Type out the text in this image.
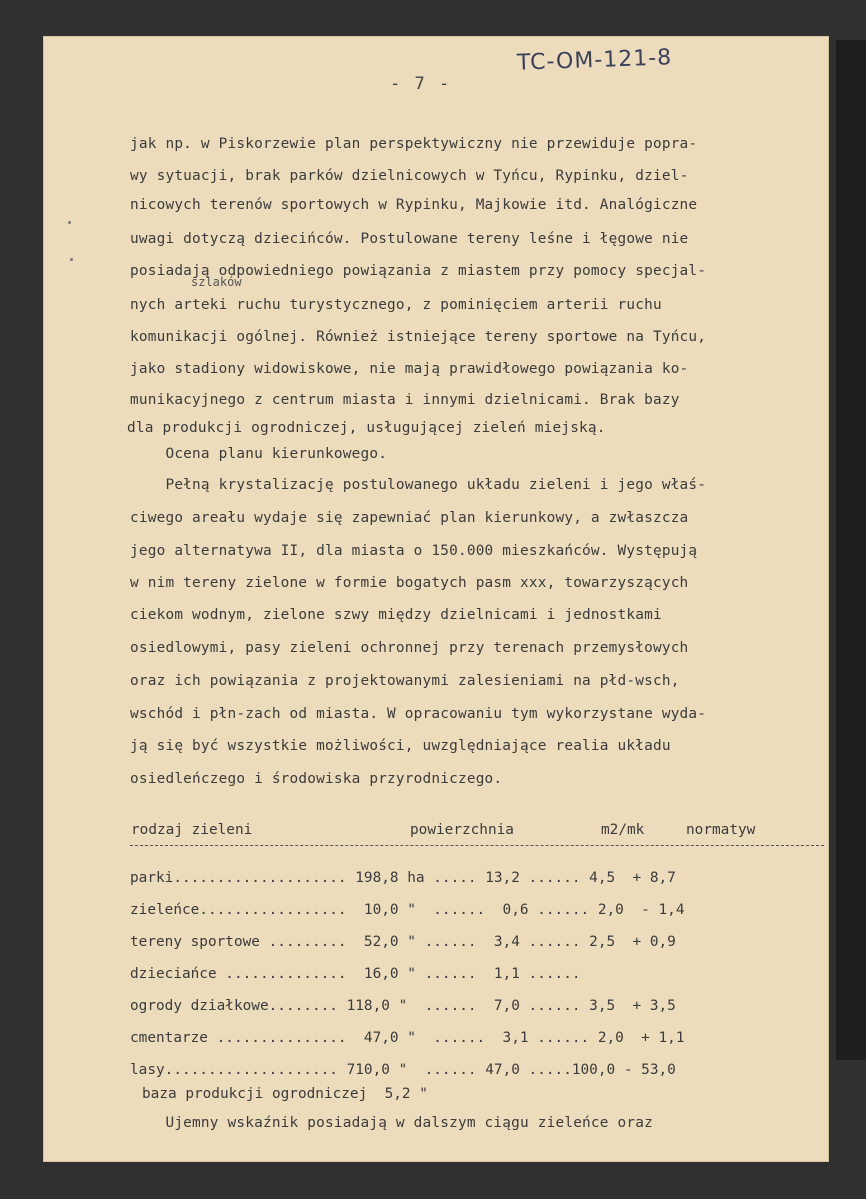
TC-OM-121-8
- 7 -
jak np. w Piskorzewie plan perspektywiczny nie przewiduje popra-
wy sytuacji, brak parków dzielnicowych w Tyńcu, Rypinku, dziel-
nicowych terenów sportowych w Rypinku, Majkowie itd. Analógiczne
uwagi dotyczą dziecińców. Postulowane tereny leśne i łęgowe nie
posiadają odpowiedniego powiązania z miastem przy pomocy specjal-
szlaków
nych arteki ruchu turystycznego, z pominięciem arterii ruchu
komunikacji ogólnej. Również istniejące tereny sportowe na Tyńcu,
jako stadiony widowiskowe, nie mają prawidłowego powiązania ko-
munikacyjnego z centrum miasta i innymi dzielnicami. Brak bazy
dla produkcji ogrodniczej, usługującej zieleń miejską.
Ocena planu kierunkowego.
Pełną krystalizację postulowanego układu zieleni i jego właś-
ciwego areału wydaje się zapewniać plan kierunkowy, a zwłaszcza
jego alternatywa II, dla miasta o 150.000 mieszkańców. Występują
w nim tereny zielone w formie bogatych pasm xxx, towarzyszących
ciekom wodnym, zielone szwy między dzielnicami i jednostkami
osiedlowymi, pasy zieleni ochronnej przy terenach przemysłowych
oraz ich powiązania z projektowanymi zalesieniami na płd-wsch,
wschód i płn-zach od miasta. W opracowaniu tym wykorzystane wyda-
ją się być wszystkie możliwości, uwzględniające realia układu
osiedleńczego i środowiska przyrodniczego.
rodzaj zieleni	powierzchnia	m2/mk	normatyw
parki.................... 198,8 ha ..... 13,2 ...... 4,5  + 8,7
zieleńce.................  10,0 "  ......  0,6 ...... 2,0  - 1,4
tereny sportowe .........  52,0 " ......  3,4 ...... 2,5  + 0,9
dzieciańce ..............  16,0 " ......  1,1 ......
ogrody działkowe........ 118,0 "  ......  7,0 ...... 3,5  + 3,5
cmentarze ...............  47,0 "  ......  3,1 ...... 2,0  + 1,1
lasy.................... 710,0 "  ...... 47,0 .....100,0 - 53,0
baza produkcji ogrodniczej  5,2 "
Ujemny wskaźnik posiadają w dalszym ciągu zieleńce oraz
